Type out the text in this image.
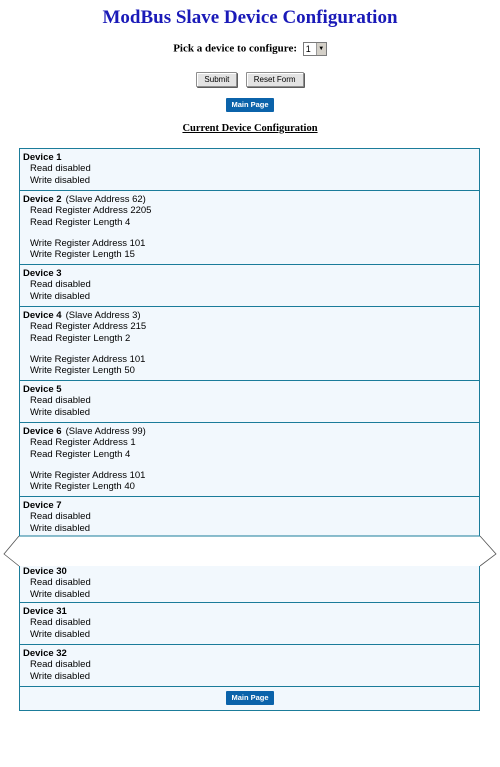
ModBus Slave Device Configuration
Pick a device to configure: 1	▼
Submit	Reset Form
Main Page
Current Device Configuration
Device 1
Read disabled
Write disabled
Device 2 (Slave Address 62)
Read Register Address 2205
Read Register Length 4
Write Register Address 101
Write Register Length 15
Device 3
Read disabled
Write disabled
Device 4 (Slave Address 3)
Read Register Address 215
Read Register Length 2
Write Register Address 101
Write Register Length 50
Device 5
Read disabled
Write disabled
Device 6 (Slave Address 99)
Read Register Address 1
Read Register Length 4
Write Register Address 101
Write Register Length 40
Device 7
Read disabled
Write disabled
Device 30
Read disabled
Write disabled
Device 31
Read disabled
Write disabled
Device 32
Read disabled
Write disabled
Main Page
